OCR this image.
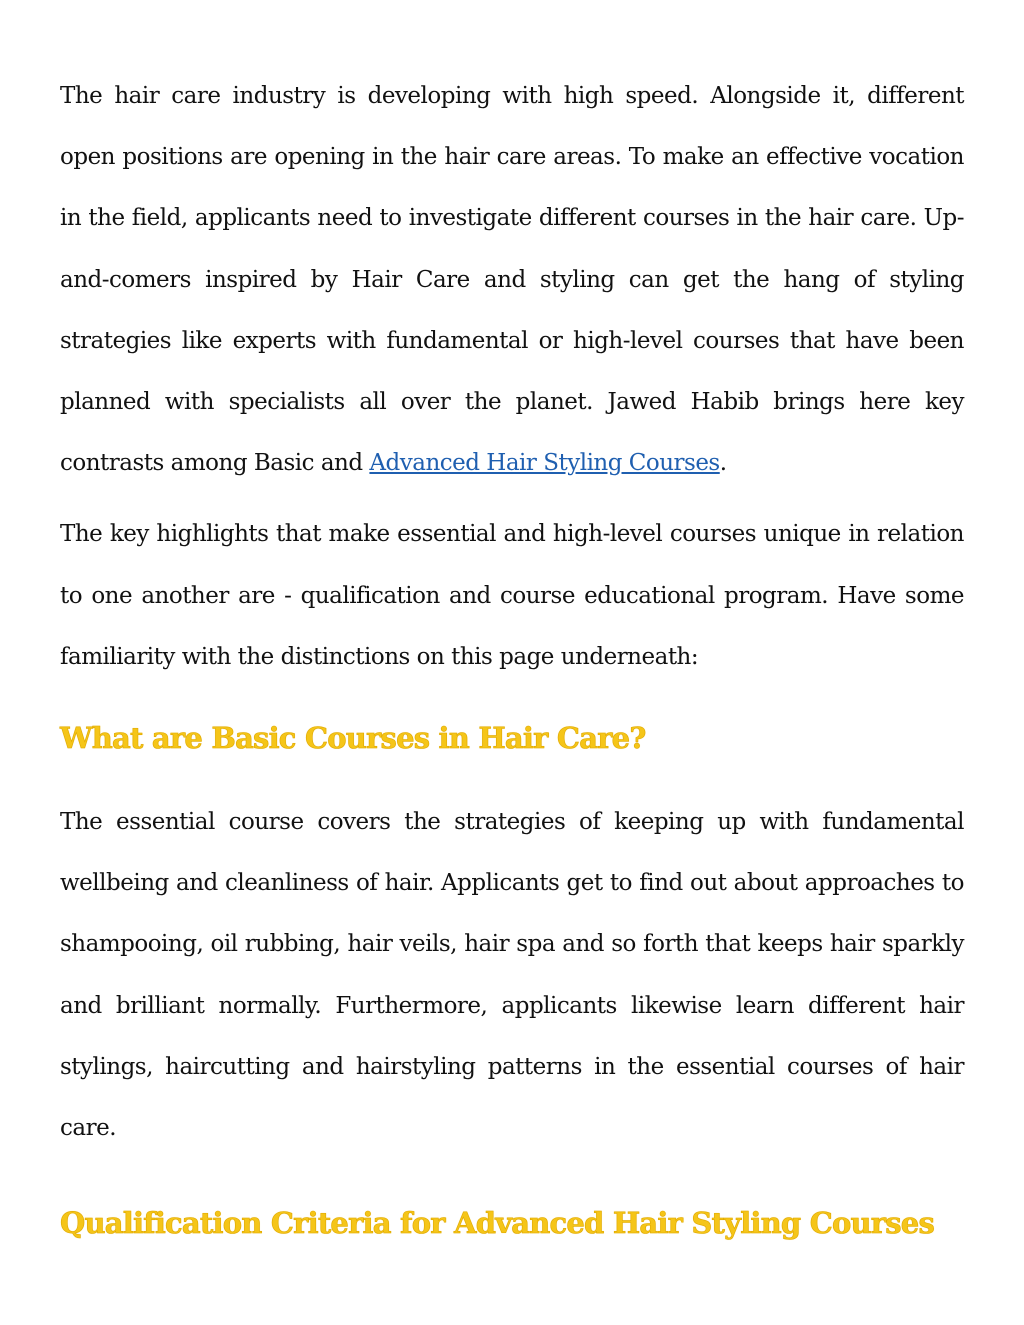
The hair care industry is developing with high speed. Alongside it, different open positions are opening in the hair care areas. To make an effective vocation in the field, applicants need to investigate different courses in the hair care. Up-and-comers inspired by Hair Care and styling can get the hang of styling strategies like experts with fundamental or high-level courses that have been planned with specialists all over the planet. Jawed Habib brings here key contrasts among Basic and Advanced Hair Styling Courses.

The key highlights that make essential and high-level courses unique in relation to one another are - qualification and course educational program. Have some familiarity with the distinctions on this page underneath:

What are Basic Courses in Hair Care?

The essential course covers the strategies of keeping up with fundamental wellbeing and cleanliness of hair. Applicants get to find out about approaches to shampooing, oil rubbing, hair veils, hair spa and so forth that keeps hair sparkly and brilliant normally. Furthermore, applicants likewise learn different hair stylings, haircutting and hairstyling patterns in the essential courses of hair care.

Qualification Criteria for Advanced Hair Styling Courses
